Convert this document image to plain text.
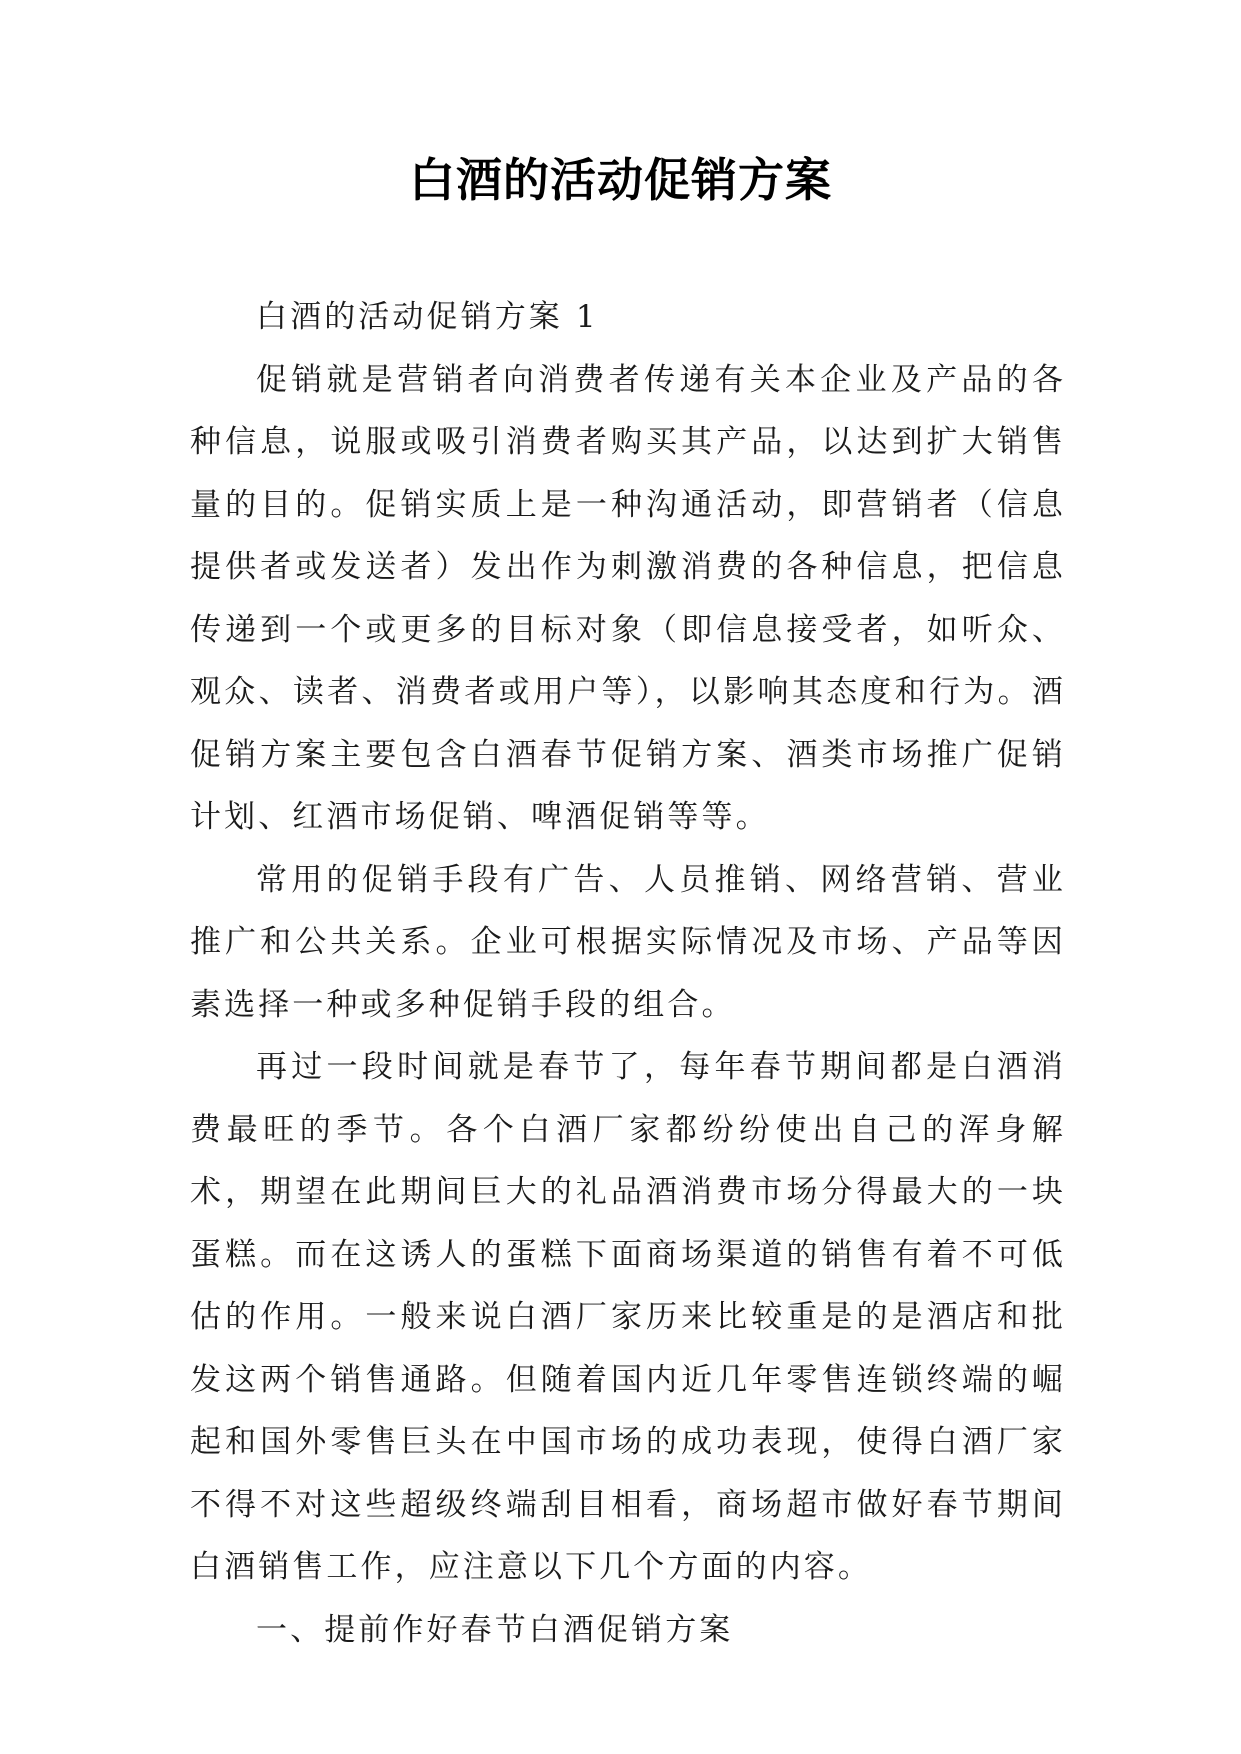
白酒的活动促销方案

白酒的活动促销方案 1

促销就是营销者向消费者传递有关本企业及产品的各种信息，说服或吸引消费者购买其产品，以达到扩大销售量的目的。促销实质上是一种沟通活动，即营销者（信息提供者或发送者）发出作为刺激消费的各种信息，把信息传递到一个或更多的目标对象（即信息接受者，如听众、观众、读者、消费者或用户等），以影响其态度和行为。酒促销方案主要包含白酒春节促销方案、酒类市场推广促销计划、红酒市场促销、啤酒促销等等。

常用的促销手段有广告、人员推销、网络营销、营业推广和公共关系。企业可根据实际情况及市场、产品等因素选择一种或多种促销手段的组合。

再过一段时间就是春节了，每年春节期间都是白酒消费最旺的季节。各个白酒厂家都纷纷使出自己的浑身解术，期望在此期间巨大的礼品酒消费市场分得最大的一块蛋糕。而在这诱人的蛋糕下面商场渠道的销售有着不可低估的作用。一般来说白酒厂家历来比较重是的是酒店和批发这两个销售通路。但随着国内近几年零售连锁终端的崛起和国外零售巨头在中国市场的成功表现，使得白酒厂家不得不对这些超级终端刮目相看，商场超市做好春节期间白酒销售工作，应注意以下几个方面的内容。

一、提前作好春节白酒促销方案
